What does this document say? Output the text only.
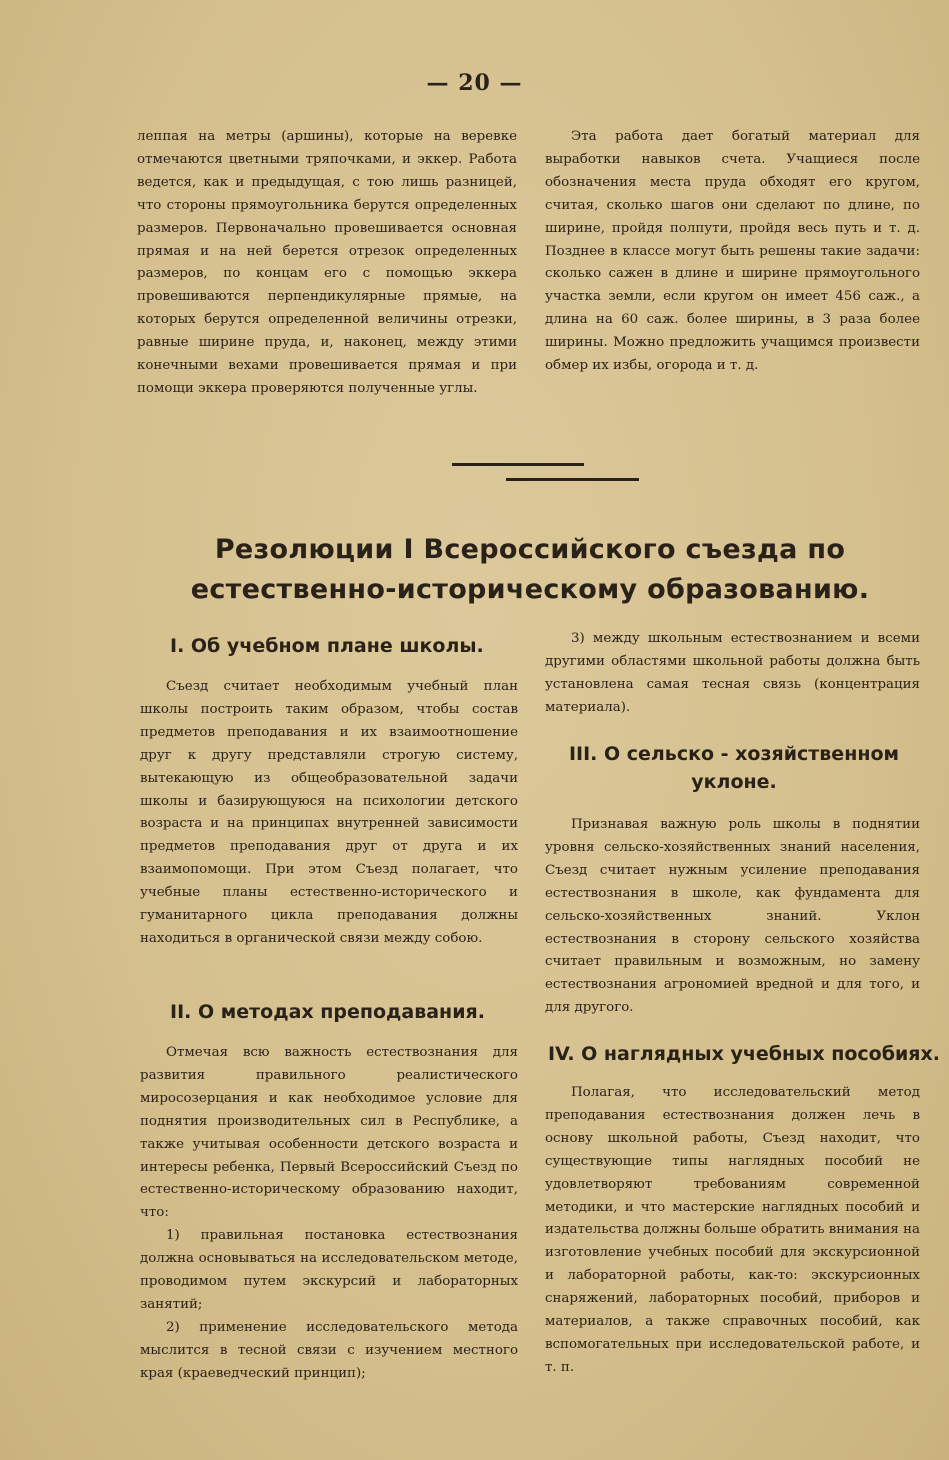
— 20 —

леппая на метры (аршины), которые на веревке отмечаются цветными тряпочками, и эккер. Работа ведется, как и предыдущая, с тою лишь разницей, что стороны прямоугольника берутся определенных размеров. Первоначально провешивается основная прямая и на ней берется отрезок определенных размеров, по концам его с помощью эккера провешиваются перпендикулярные прямые, на которых берутся определенной величины отрезки, равные ширине пруда, и, наконец, между этими конечными вехами провешивается прямая и при помощи эккера проверяются полученные углы.

Эта работа дает богатый материал для выработки навыков счета. Учащиеся после обозначения места пруда обходят его кругом, считая, сколько шагов они сделают по длине, по ширине, пройдя полпути, пройдя весь путь и т. д. Позднее в классе могут быть решены такие задачи: сколько сажен в длине и ширине прямоугольного участка земли, если кругом он имеет 456 саж., а длина на 60 саж. более ширины, в 3 раза более ширины. Можно предложить учащимся произвести обмер их избы, огорода и т. д.

Резолюции I Всероссийского съезда по естественно-историческому образованию.
I. Об учебном плане школы.

Съезд считает необходимым учебный план школы построить таким образом, чтобы состав предметов преподавания и их взаимоотношение друг к другу представляли строгую систему, вытекающую из общеобразовательной задачи школы и базирующуюся на психологии детского возраста и на принципах внутренней зависимости предметов преподавания друг от друга и их взаимопомощи. При этом Съезд полагает, что учебные планы естественно-исторического и гуманитарного цикла преподавания должны находиться в органической связи между собою.

II. О методах преподавания.

Отмечая всю важность естествознания для развития правильного реалистического миросозерцания и как необходимое условие для поднятия производительных сил в Республике, а также учитывая особенности детского возраста и интересы ребенка, Первый Всероссийский Съезд по естественно-историческому образованию находит, что:

1) правильная постановка естествознания должна основываться на исследовательском методе, проводимом путем экскурсий и лабораторных занятий;

2) применение исследовательского метода мыслится в тесной связи с изучением местного края (краеведческий принцип);

3) между школьным естествознанием и всеми другими областями школьной работы должна быть установлена самая тесная связь (концентрация материала).

III. О сельско - хозяйственном уклоне.

Признавая важную роль школы в поднятии уровня сельско-хозяйственных знаний населения, Съезд считает нужным усиление преподавания естествознания в школе, как фундамента для сельско-хозяйственных знаний. Уклон естествознания в сторону сельского хозяйства считает правильным и возможным, но замену естествознания агрономией вредной и для того, и для другого.

IV. О наглядных учебных пособиях.

Полагая, что исследовательский метод преподавания естествознания должен лечь в основу школьной работы, Съезд находит, что существующие типы наглядных пособий не удовлетворяют требованиям современной методики, и что мастерские наглядных пособий и издательства должны больше обратить внимания на изготовление учебных пособий для экскурсионной и лабораторной работы, как-то: экскурсионных снаряжений, лабораторных пособий, приборов и материалов, а также справочных пособий, как вспомогательных при исследовательской работе, и т. п.
